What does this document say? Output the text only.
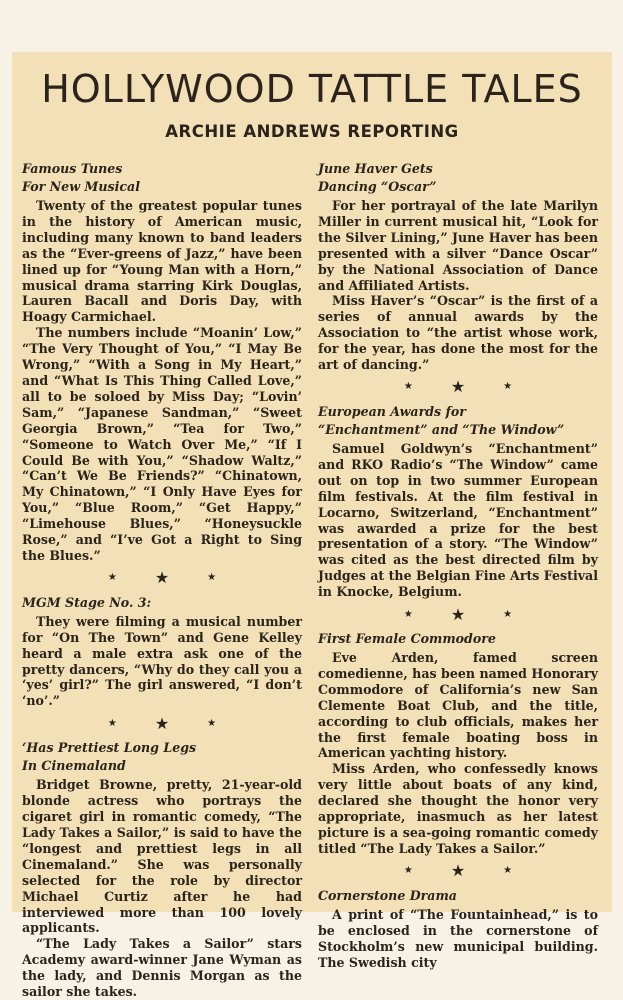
HOLLYWOOD TATTLE TALES
ARCHIE ANDREWS REPORTING
Famous Tunes
For New Musical

Twenty of the greatest popular tunes in the history of American music, including many known to band leaders as the “Ever-greens of Jazz,” have been lined up for “Young Man with a Horn,” musical drama starring Kirk Douglas, Lauren Bacall and Doris Day, with Hoagy Carmichael.

The numbers include “Moanin’ Low,” “The Very Thought of You,” “I May Be Wrong,” “With a Song in My Heart,” and “What Is This Thing Called Love,” all to be soloed by Miss Day; “Lovin’ Sam,” “Japanese Sandman,” “Sweet Georgia Brown,” “Tea for Two,” “Someone to Watch Over Me,” “If I Could Be with You,” “Shadow Waltz,” “Can’t We Be Friends?” “Chinatown, My Chinatown,” “I Only Have Eyes for You,” “Blue Room,” “Get Happy,” “Limehouse Blues,” “Honeysuckle Rose,” and “I’ve Got a Right to Sing the Blues.”

★ ★	★
MGM Stage No. 3:

They were filming a musical number for “On The Town” and Gene Kelley heard a male extra ask one of the pretty dancers, “Why do they call you a ‘yes’ girl?” The girl answered, “I don’t ‘no’.”

★ ★	★
‘Has Prettiest Long Legs
In Cinemaland

Bridget Browne, pretty, 21-year-old blonde actress who portrays the cigaret girl in romantic comedy, “The Lady Takes a Sailor,” is said to have the “longest and prettiest legs in all Cinemaland.” She was personally selected for the role by director Michael Curtiz after he had interviewed more than 100 lovely applicants.

“The Lady Takes a Sailor” stars Academy award-winner Jane Wyman as the lady, and Dennis Morgan as the sailor she takes.

June Haver Gets
Dancing “Oscar”

For her portrayal of the late Marilyn Miller in current musical hit, “Look for the Silver Lining,” June Haver has been presented with a silver “Dance Oscar” by the National Association of Dance and Affiliated Artists.

Miss Haver’s “Oscar” is the first of a series of annual awards by the Association to “the artist whose work, for the year, has done the most for the art of dancing.”

★ ★	★
European Awards for
“Enchantment” and “The Window”

Samuel Goldwyn’s “Enchantment” and RKO Radio’s “The Window” came out on top in two summer European film festivals. At the film festival in Locarno, Switzerland, “Enchantment” was awarded a prize for the best presentation of a story. “The Window” was cited as the best directed film by Judges at the Belgian Fine Arts Festival in Knocke, Belgium.

★ ★	★
First Female Commodore

Eve Arden, famed screen comedienne, has been named Honorary Commodore of California’s new San Clemente Boat Club, and the title, according to club officials, makes her the first female boating boss in American yachting history.

Miss Arden, who confessedly knows very little about boats of any kind, declared she thought the honor very appropriate, inasmuch as her latest picture is a sea-going romantic comedy titled “The Lady Takes a Sailor.”

★ ★	★
Cornerstone Drama

A print of “The Fountainhead,” is to be enclosed in the cornerstone of Stockholm’s new municipal building. The Swedish city
